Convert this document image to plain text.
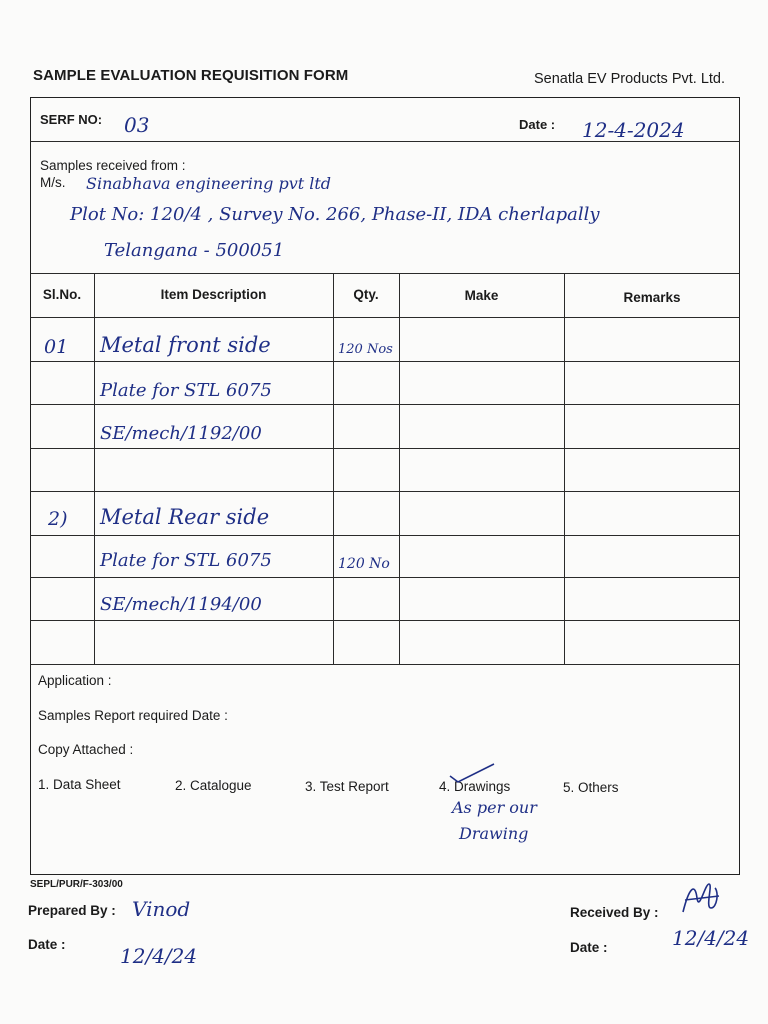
SAMPLE EVALUATION REQUISITION FORM	Senatla EV Products Pvt. Ltd.
SERF NO: 03	Date : 12-4-2024
Samples received from :
M/s. Sinabhava engineering pvt ltd
Plot No: 120/4 , Survey No. 266, Phase-II, IDA cherlapally
Telangana - 500051
Sl.No.	Item Description	Qty.	Make	Remarks
01 Metal front side	120 Nos
Plate for STL 6075
SE/mech/1192/00
2) Metal Rear side
Plate for STL 6075	120 No
SE/mech/1194/00
Application :
Samples Report required Date :
Copy Attached :
1. Data Sheet	2. Catalogue	3. Test Report	4. Drawings	5. Others
As per our
Drawing
SEPL/PUR/F-303/00
Prepared By : Vinod
Date :	12/4/24
Received By :
Date :	12/4/24
